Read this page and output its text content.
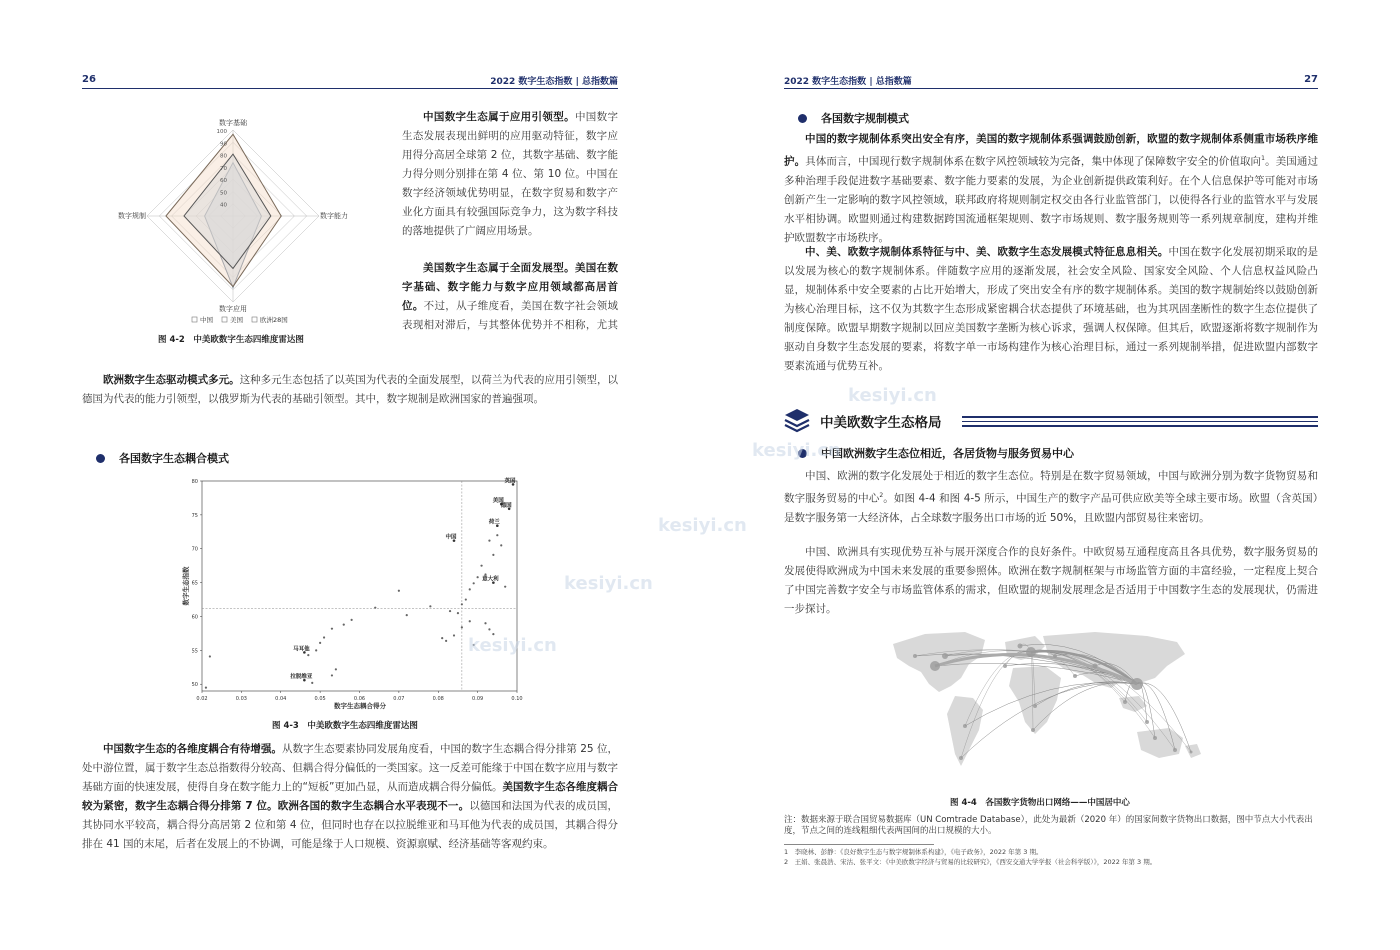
26	2022 数字生态指数 | 总指数篇
数字基础
数字能力
数字应用
数字规制
40
50
60
70
80
90
100
中国	美国	欧洲28国
图 4-2　中美欧数字生态四维度雷达图

中国数字生态属于应用引领型。中国数字生态发展表现出鲜明的应用驱动特征，数字应用得分高居全球第 2 位，其数字基础、数字能力得分则分别排在第 4 位、第 10 位。中国在数字经济领域优势明显，在数字贸易和数字产业化方面具有较强国际竞争力，这为数字科技的落地提供了广阔应用场景。

美国数字生态属于全面发展型。美国在数字基础、数字能力与数字应用领域都高居首位。不过，从子维度看，美国在数字社会领域表现相对滞后，与其整体优势并不相称，尤其

欧洲数字生态驱动模式多元。这种多元生态包括了以英国为代表的全面发展型，以荷兰为代表的应用引领型，以德国为代表的能力引领型，以俄罗斯为代表的基础引领型。其中，数字规制是欧洲国家的普遍强项。

各国数字生态耦合模式
0.02	0.03	0.04	0.05	0.06	0.07	0.08	0.09	0.10
50
55
60
65
70
75
80	英国
美国
德国
荷兰
中国
意大利
马耳他
拉脱维亚
数字生态耦合得分
数字生态指数
图 4-3　中美欧数字生态四维度雷达图

中国数字生态的各维度耦合有待增强。从数字生态要素协同发展角度看，中国的数字生态耦合得分排第 25 位，处中游位置，属于数字生态总指数得分较高、但耦合得分偏低的一类国家。这一反差可能缘于中国在数字应用与数字基础方面的快速发展，使得自身在数字能力上的“短板”更加凸显，从而造成耦合得分偏低。美国数字生态各维度耦合较为紧密，数字生态耦合得分排第 7 位。欧洲各国的数字生态耦合水平表现不一。以德国和法国为代表的成员国，其协同水平较高，耦合得分高居第 2 位和第 4 位，但同时也存在以拉脱维亚和马耳他为代表的成员国，其耦合得分排在 41 国的末尾，后者在发展上的不协调，可能是缘于人口规模、资源禀赋、经济基础等客观约束。

2022 数字生态指数 | 总指数篇	27
各国数字规制模式

中国的数字规制体系突出安全有序，美国的数字规制体系强调鼓励创新，欧盟的数字规制体系侧重市场秩序维护。具体而言，中国现行数字规制体系在数字风控领域较为完备，集中体现了保障数字安全的价值取向$^1$。美国通过多种治理手段促进数字基础要素、数字能力要素的发展，为企业创新提供政策利好。在个人信息保护等可能对市场创新产生一定影响的数字风控领域，联邦政府将规则制定权交由各行业监管部门，以使得各行业的监管水平与发展水平相协调。欧盟则通过构建数据跨国流通框架规则、数字市场规则、数字服务规则等一系列规章制度，建构并维护欧盟数字市场秩序。

中、美、欧数字规制体系特征与中、美、欧数字生态发展模式特征息息相关。中国在数字化发展初期采取的是以发展为核心的数字规制体系。伴随数字应用的逐渐发展，社会安全风险、国家安全风险、个人信息权益风险凸显，规制体系中安全要素的占比开始增大，形成了突出安全有序的数字规制体系。美国的数字规制始终以鼓励创新为核心治理目标，这不仅为其数字生态形成紧密耦合状态提供了环境基础，也为其巩固垄断性的数字生态位提供了制度保障。欧盟早期数字规制以回应美国数字垄断为核心诉求，强调人权保障。但其后，欧盟逐渐将数字规制作为驱动自身数字生态发展的要素，将数字单一市场构建作为核心治理目标，通过一系列规制举措，促进欧盟内部数字要素流通与优势互补。

中美欧数字生态格局
中国欧洲数字生态位相近，各居货物与服务贸易中心

中国、欧洲的数字化发展处于相近的数字生态位。特别是在数字贸易领域，中国与欧洲分别为数字货物贸易和数字服务贸易的中心$^2$。如图 4-4 和图 4-5 所示，中国生产的数字产品可供应欧美等全球主要市场。欧盟（含英国）是数字服务第一大经济体，占全球数字服务出口市场的近 50%，且欧盟内部贸易往来密切。

中国、欧洲具有实现优势互补与展开深度合作的良好条件。中欧贸易互通程度高且各具优势，数字服务贸易的发展使得欧洲成为中国未来发展的重要参照体。欧洲在数字规制框架与市场监管方面的丰富经验，一定程度上契合了中国完善数字安全与市场监管体系的需求，但欧盟的规制发展理念是否适用于中国数字生态的发展现状，仍需进一步探讨。

图 4-4　各国数字货物出口网络——中国居中心
注：数据来源于联合国贸易数据库（UN Comtrade Database），此处为最新（2020 年）的国家间数字货物出口数据，图中节点大小代表出度，节点之间的连线粗细代表两国间的出口规模的大小。
1　李晓林、彭静：《良好数字生态与数字规制体系构建》，《电子政务》，2022 年第 3 期。
2　王娟、张晨浩、宋沽、张平文：《中美欧数字经济与贸易的比较研究》，《西安交通大学学报（社会科学版）》，2022 年第 3 期。
kesiyi.cn
kesiyi.cn
kesiyi.cn
kesiyi.cn
kesiyi.cn
